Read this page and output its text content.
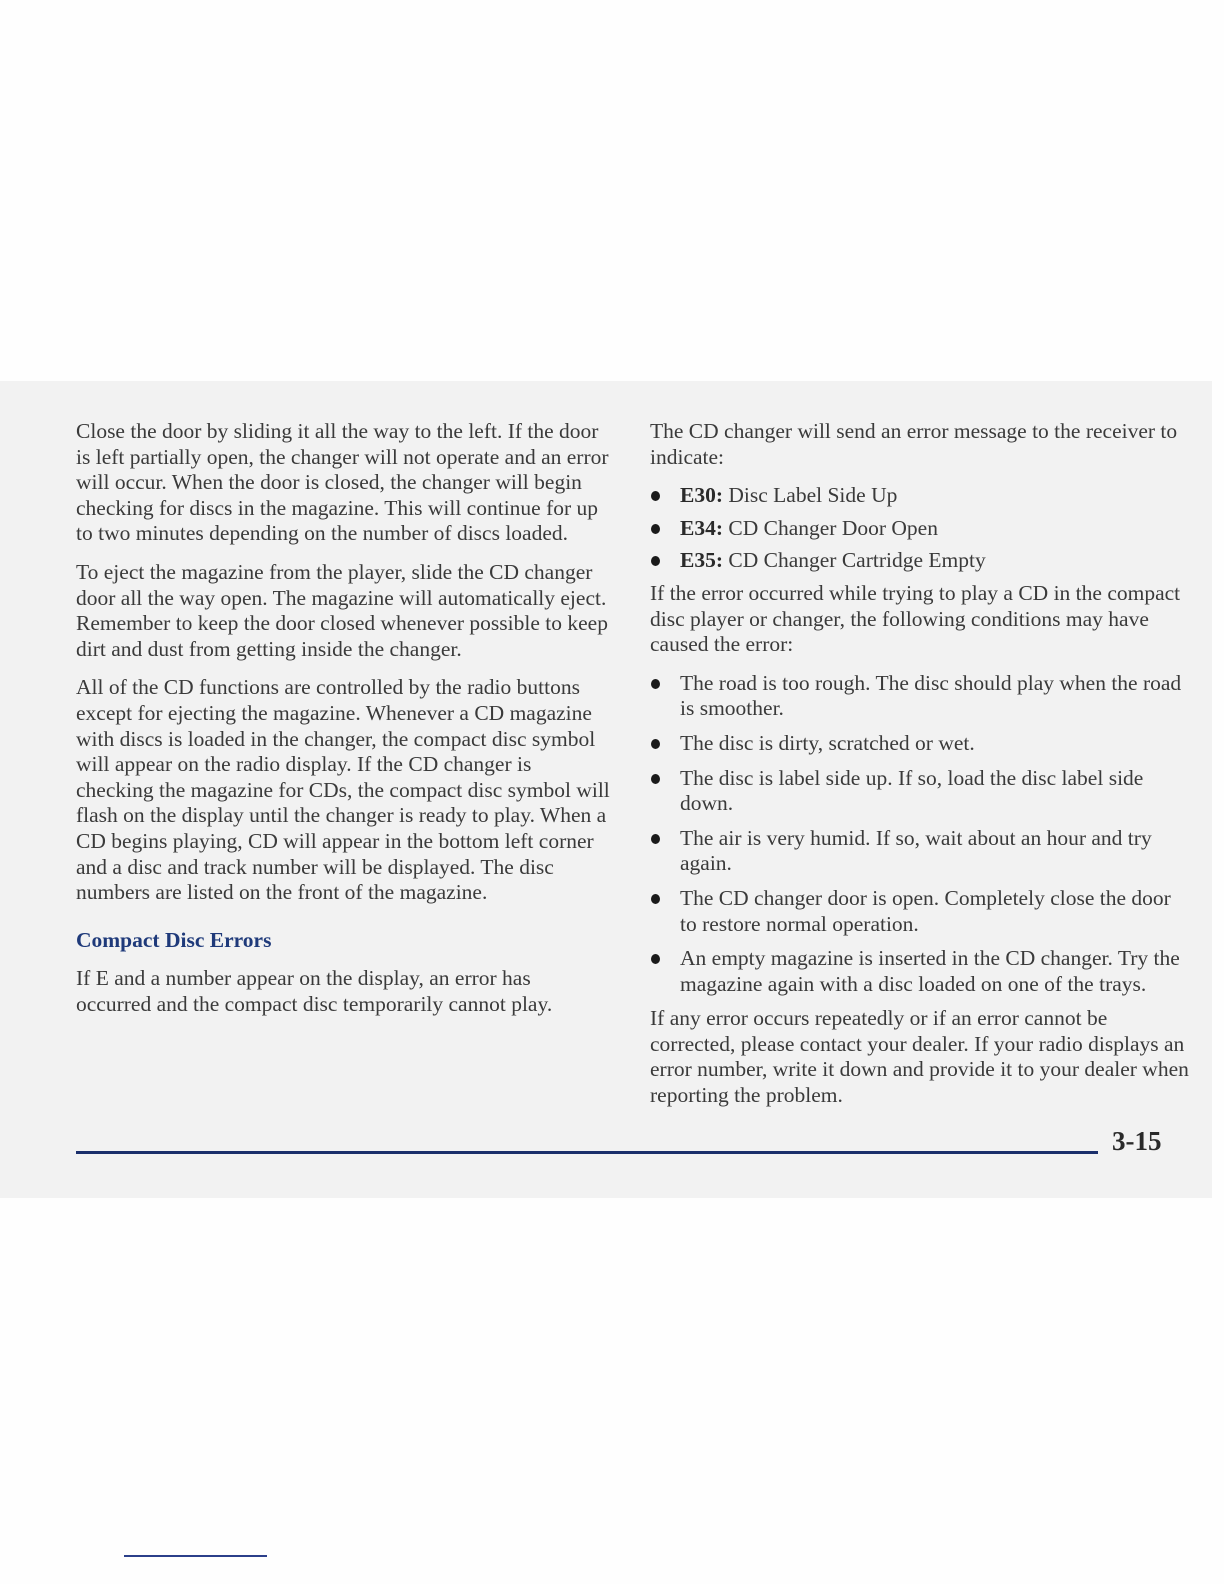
Close the door by sliding it all the way to the left. If the door is left partially open, the changer will not operate and an error will occur. When the door is closed, the changer will begin checking for discs in the magazine. This will continue for up to two minutes depending on the number of discs loaded.

To eject the magazine from the player, slide the CD changer door all the way open. The magazine will automatically eject. Remember to keep the door closed whenever possible to keep dirt and dust from getting inside the changer.

All of the CD functions are controlled by the radio buttons except for ejecting the magazine. Whenever a CD magazine with discs is loaded in the changer, the compact disc symbol will appear on the radio display. If the CD changer is checking the magazine for CDs, the compact disc symbol will flash on the display until the changer is ready to play. When a CD begins playing, CD will appear in the bottom left corner and a disc and track number will be displayed. The disc numbers are listed on the front of the magazine.

Compact Disc Errors

If E and a number appear on the display, an error has occurred and the compact disc temporarily cannot play.

The CD changer will send an error message to the receiver to indicate:

E30: Disc Label Side Up
E34: CD Changer Door Open
E35: CD Changer Cartridge Empty

If the error occurred while trying to play a CD in the compact disc player or changer, the following conditions may have caused the error:

The road is too rough. The disc should play when the road is smoother.
The disc is dirty, scratched or wet.
The disc is label side up. If so, load the disc label side down.
The air is very humid. If so, wait about an hour and try again.
The CD changer door is open. Completely close the door to restore normal operation.
An empty magazine is inserted in the CD changer. Try the magazine again with a disc loaded on one of the trays.

If any error occurs repeatedly or if an error cannot be corrected, please contact your dealer. If your radio displays an error number, write it down and provide it to your dealer when reporting the problem.

3-15
